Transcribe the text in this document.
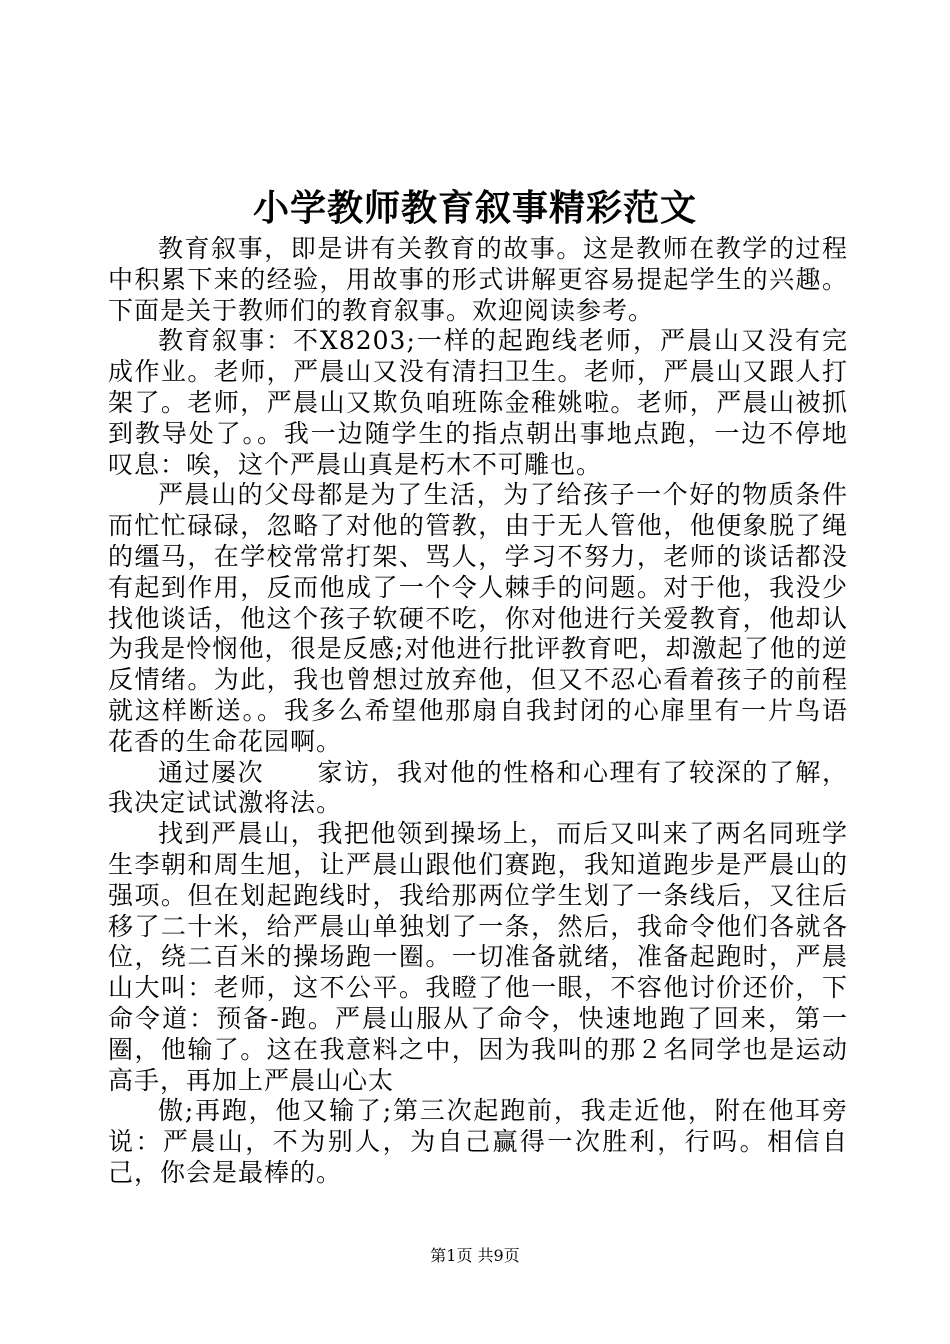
小学教师教育叙事精彩范文

教育叙事，即是讲有关教育的故事。这是教师在教学的过程中积累下来的经验，用故事的形式讲解更容易提起学生的兴趣。下面是关于教师们的教育叙事。欢迎阅读参考。

教育叙事：不X8203;一样的起跑线老师，严晨山又没有完成作业。老师，严晨山又没有清扫卫生。老师，严晨山又跟人打架了。老师，严晨山又欺负咱班陈金稚姚啦。老师，严晨山被抓到教导处了。。我一边随学生的指点朝出事地点跑，一边不停地叹息：唉，这个严晨山真是朽木不可雕也。

严晨山的父母都是为了生活，为了给孩子一个好的物质条件而忙忙碌碌，忽略了对他的管教，由于无人管他，他便象脱了绳的缰马，在学校常常打架、骂人，学习不努力，老师的谈话都没有起到作用，反而他成了一个令人棘手的问题。对于他，我没少找他谈话，他这个孩子软硬不吃，你对他进行关爱教育，他却认为我是怜悯他，很是反感;对他进行批评教育吧，却激起了他的逆反情绪。为此，我也曾想过放弃他，但又不忍心看着孩子的前程就这样断送。。我多么希望他那扇自我封闭的心扉里有一片鸟语花香的生命花园啊。

通过屡次　　家访，我对他的性格和心理有了较深的了解，我决定试试激将法。

找到严晨山，我把他领到操场上，而后又叫来了两名同班学生李朝和周生旭，让严晨山跟他们赛跑，我知道跑步是严晨山的强项。但在划起跑线时，我给那两位学生划了一条线后，又往后移了二十米，给严晨山单独划了一条，然后，我命令他们各就各位，绕二百米的操场跑一圈。一切准备就绪，准备起跑时，严晨山大叫：老师，这不公平。我瞪了他一眼，不容他讨价还价，下命令道：预备-跑。严晨山服从了命令，快速地跑了回来，第一圈，他输了。这在我意料之中，因为我叫的那２名同学也是运动高手，再加上严晨山心太

傲;再跑，他又输了;第三次起跑前，我走近他，附在他耳旁说：严晨山，不为别人，为自己赢得一次胜利，行吗。相信自己，你会是最棒的。

第1页 共9页
